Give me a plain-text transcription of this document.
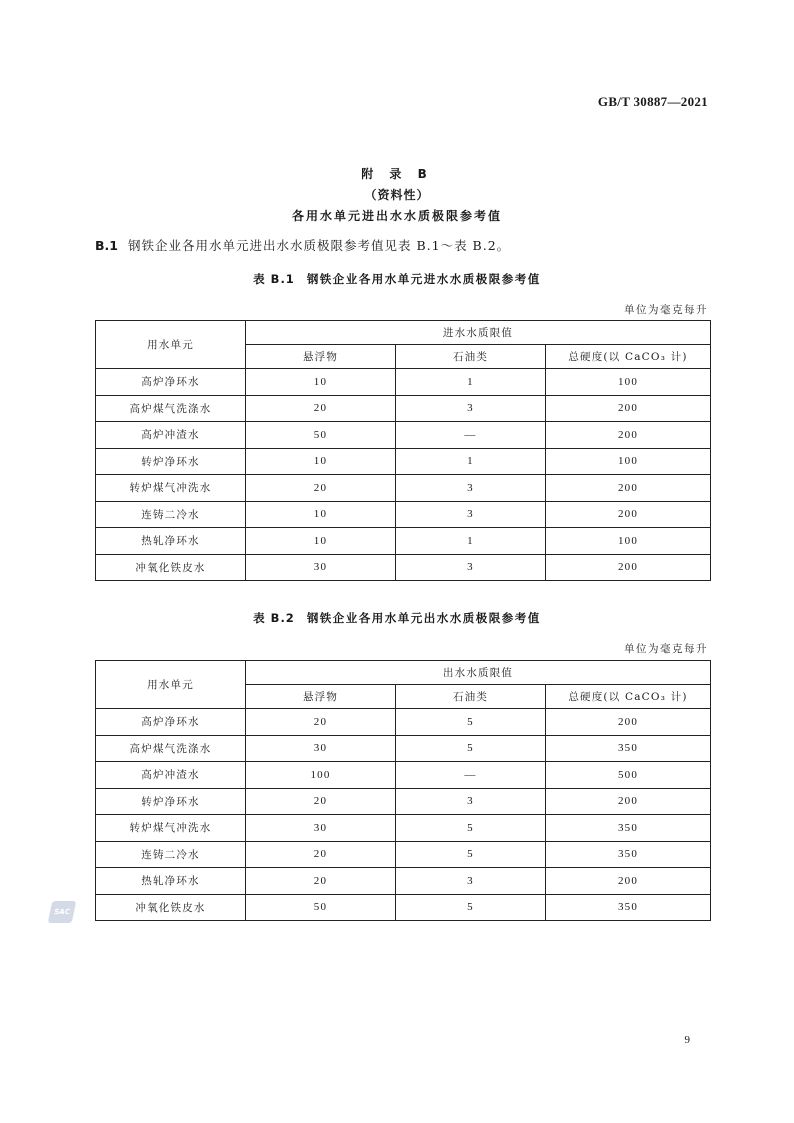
GB/T 30887—2021
附 录 B
（资料性）
各用水单元进出水水质极限参考值
B.1 钢铁企业各用水单元进出水水质极限参考值见表 B.1～表 B.2。
表 B.1 钢铁企业各用水单元进水水质极限参考值
单位为毫克每升
用水单元	进水水质限值		
	悬浮物	石油类	总硬度(以 CaCO₃ 计)
高炉净环水	10	1	100
高炉煤气洗涤水	20	3	200
高炉冲渣水	50	—	200
转炉净环水	10	1	100
转炉煤气冲洗水	20	3	200
连铸二冷水	10	3	200
热轧净环水	10	1	100
冲氧化铁皮水	30	3	200
表 B.2 钢铁企业各用水单元出水水质极限参考值
单位为毫克每升
用水单元	出水水质限值		
	悬浮物	石油类	总硬度(以 CaCO₃ 计)
高炉净环水	20	5	200
高炉煤气洗涤水	30	5	350
高炉冲渣水	100	—	500
转炉净环水	20	3	200
转炉煤气冲洗水	30	5	350
连铸二冷水	20	5	350
热轧净环水	20	3	200
冲氧化铁皮水	50	5	350
SAC
9
